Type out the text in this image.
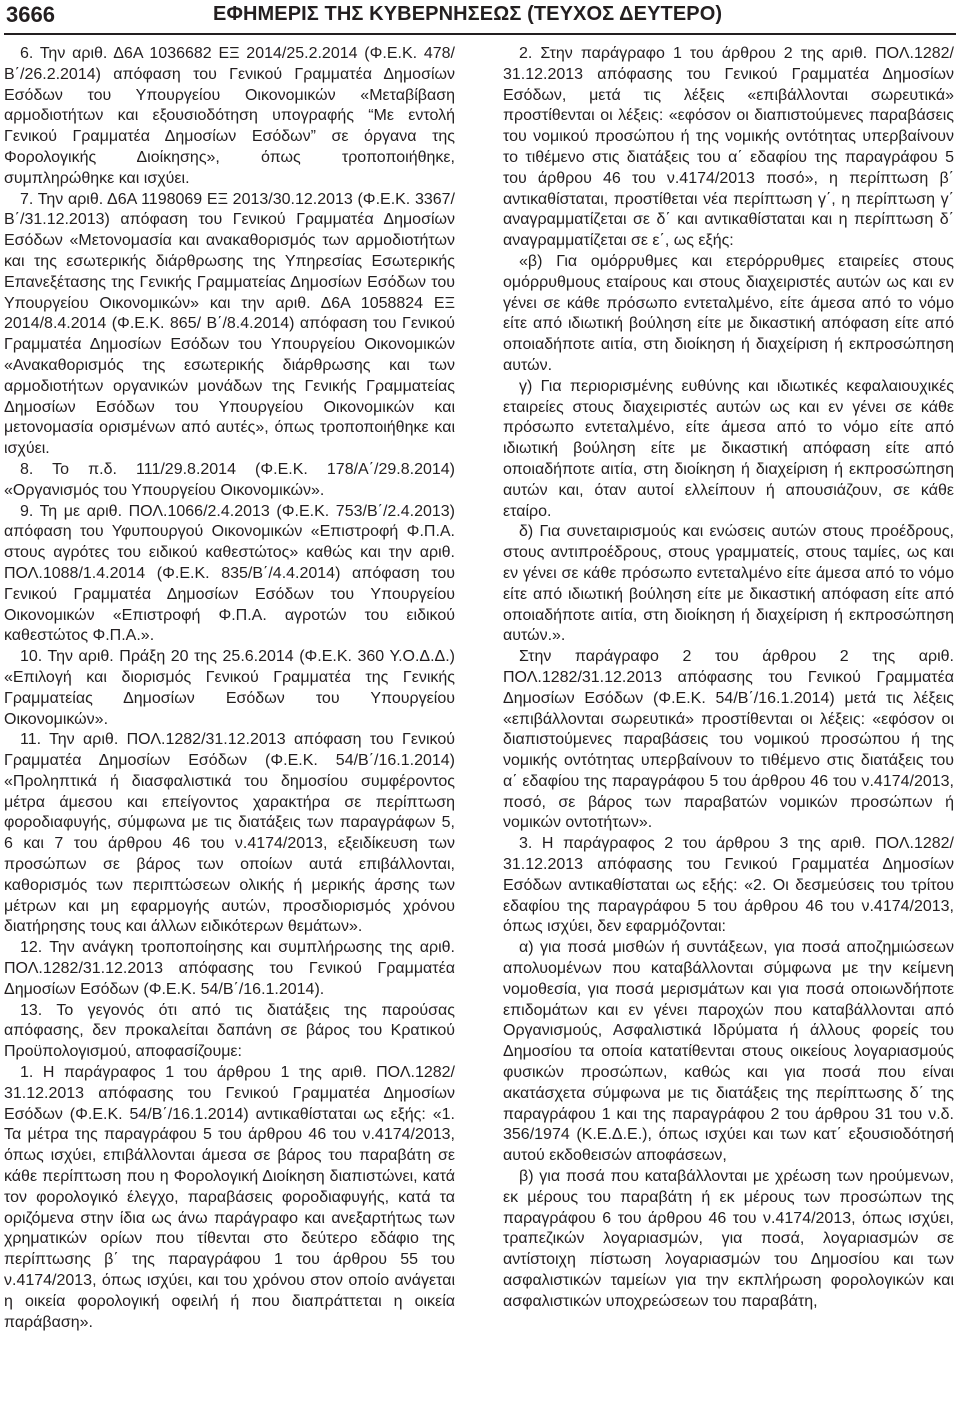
3666	ΕΦΗΜΕΡΙΣ ΤΗΣ ΚΥΒΕΡΝΗΣΕΩΣ (ΤΕΥΧΟΣ ΔΕΥΤΕΡΟ)

6. Την αριθ. Δ6Α 1036682 ΕΞ 2014/25.2.2014 (Φ.Ε.Κ. 478/ Β΄/26.2.2014) απόφαση του Γενικού Γραμματέα Δημοσίων Εσόδων του Υπουργείου Οικονομικών «Μεταβίβαση αρμοδιοτήτων και εξουσιοδότηση υπογραφής “Με εντολή Γενικού Γραμματέα Δημοσίων Εσόδων” σε όργανα της Φορολογικής Διοίκησης», όπως τροποποιήθηκε, συμπληρώθηκε και ισχύει.

7. Την αριθ. Δ6Α 1198069 ΕΞ 2013/30.12.2013 (Φ.Ε.Κ. 3367/ Β΄/31.12.2013) απόφαση του Γενικού Γραμματέα Δημοσίων Εσόδων «Μετονομασία και ανακαθορισμός των αρμοδιοτήτων και της εσωτερικής διάρθρωσης της Υπηρεσίας Εσωτερικής Επανεξέτασης της Γενικής Γραμματείας Δημοσίων Εσόδων του Υπουργείου Οικονομικών» και την αριθ. Δ6Α 1058824 ΕΞ 2014/8.4.2014 (Φ.Ε.Κ. 865/ Β΄/8.4.2014) απόφαση του Γενικού Γραμματέα Δημοσίων Εσόδων του Υπουργείου Οικονομικών «Ανακαθορισμός της εσωτερικής διάρθρωσης και των αρμοδιοτήτων οργανικών μονάδων της Γενικής Γραμματείας Δημοσίων Εσόδων του Υπουργείου Οικονομικών και μετονομασία ορισμένων από αυτές», όπως τροποποιήθηκε και ισχύει.

8. Το π.δ. 111/29.8.2014 (Φ.Ε.Κ. 178/Α΄/29.8.2014) «Οργανισμός του Υπουργείου Οικονομικών».

9. Τη με αριθ. ΠΟΛ.1066/2.4.2013 (Φ.Ε.Κ. 753/Β΄/2.4.2013) απόφαση του Υφυπουργού Οικονομικών «Επιστροφή Φ.Π.Α. στους αγρότες του ειδικού καθεστώτος» καθώς και την αριθ. ΠΟΛ.1088/1.4.2014 (Φ.Ε.Κ. 835/Β΄/4.4.2014) απόφαση του Γενικού Γραμματέα Δημοσίων Εσόδων του Υπουργείου Οικονομικών «Επιστροφή Φ.Π.Α. αγροτών του ειδικού καθεστώτος Φ.Π.Α.».

10. Την αριθ. Πράξη 20 της 25.6.2014 (Φ.Ε.Κ. 360 Υ.Ο.Δ.Δ.) «Επιλογή και διορισμός Γενικού Γραμματέα της Γενικής Γραμματείας Δημοσίων Εσόδων του Υπουργείου Οικονομικών».

11. Την αριθ. ΠΟΛ.1282/31.12.2013 απόφαση του Γενικού Γραμματέα Δημοσίων Εσόδων (Φ.Ε.Κ. 54/Β΄/16.1.2014) «Προληπτικά ή διασφαλιστικά του δημοσίου συμφέροντος μέτρα άμεσου και επείγοντος χαρακτήρα σε περίπτωση φοροδιαφυγής, σύμφωνα με τις διατάξεις των παραγράφων 5, 6 και 7 του άρθρου 46 του ν.4174/2013, εξειδίκευση των προσώπων σε βάρος των οποίων αυτά επιβάλλονται, καθορισμός των περιπτώσεων ολικής ή μερικής άρσης των μέτρων και μη εφαρμογής αυτών, προσδιορισμός χρόνου διατήρησης τους και άλλων ειδικότερων θεμάτων».

12. Την ανάγκη τροποποίησης και συμπλήρωσης της αριθ. ΠΟΛ.1282/31.12.2013 απόφασης του Γενικού Γραμματέα Δημοσίων Εσόδων (Φ.Ε.Κ. 54/Β΄/16.1.2014).

13. Το γεγονός ότι από τις διατάξεις της παρούσας απόφασης, δεν προκαλείται δαπάνη σε βάρος του Κρατικού Προϋπολογισμού, αποφασίζουμε:

1. Η παράγραφος 1 του άρθρου 1 της αριθ. ΠΟΛ.1282/ 31.12.2013 απόφασης του Γενικού Γραμματέα Δημοσίων Εσόδων (Φ.Ε.Κ. 54/Β΄/16.1.2014) αντικαθίσταται ως εξής: «1. Τα μέτρα της παραγράφου 5 του άρθρου 46 του ν.4174/2013, όπως ισχύει, επιβάλλονται άμεσα σε βάρος του παραβάτη σε κάθε περίπτωση που η Φορολογική Διοίκηση διαπιστώνει, κατά τον φορολογικό έλεγχο, παραβάσεις φοροδιαφυγής, κατά τα οριζόμενα στην ίδια ως άνω παράγραφο και ανεξαρτήτως των χρηματικών ορίων που τίθενται στο δεύτερο εδάφιο της περίπτωσης β΄ της παραγράφου 1 του άρθρου 55 του ν.4174/2013, όπως ισχύει, και του χρόνου στον οποίο ανάγεται η οικεία φορολογική οφειλή ή που διαπράττεται η οικεία παράβαση».

2. Στην παράγραφο 1 του άρθρου 2 της αριθ. ΠΟΛ.1282/ 31.12.2013 απόφασης του Γενικού Γραμματέα Δημοσίων Εσόδων, μετά τις λέξεις «επιβάλλονται σωρευτικά» προστίθενται οι λέξεις: «εφόσον οι διαπιστούμενες παραβάσεις του νομικού προσώπου ή της νομικής οντότητας υπερβαίνουν το τιθέμενο στις διατάξεις του α΄ εδαφίου της παραγράφου 5 του άρθρου 46 του ν.4174/2013 ποσό», η περίπτωση β΄ αντικαθίσταται, προστίθεται νέα περίπτωση γ΄, η περίπτωση γ΄ αναγραμματίζεται σε δ΄ και αντικαθίσταται και η περίπτωση δ΄ αναγραμματίζεται σε ε΄, ως εξής:

«β) Για ομόρρυθμες και ετερόρρυθμες εταιρείες στους ομόρρυθμους εταίρους και στους διαχειριστές αυτών ως και εν γένει σε κάθε πρόσωπο εντεταλμένο, είτε άμεσα από το νόμο είτε από ιδιωτική βούληση είτε με δικαστική απόφαση είτε από οποιαδήποτε αιτία, στη διοίκηση ή διαχείριση ή εκπροσώπηση αυτών.

γ) Για περιορισμένης ευθύνης και ιδιωτικές κεφαλαιουχικές εταιρείες στους διαχειριστές αυτών ως και εν γένει σε κάθε πρόσωπο εντεταλμένο, είτε άμεσα από το νόμο είτε από ιδιωτική βούληση είτε με δικαστική απόφαση είτε από οποιαδήποτε αιτία, στη διοίκηση ή διαχείριση ή εκπροσώπηση αυτών και, όταν αυτοί ελλείπουν ή απουσιάζουν, σε κάθε εταίρο.

δ) Για συνεταιρισμούς και ενώσεις αυτών στους προέδρους, στους αντιπροέδρους, στους γραμματείς, στους ταμίες, ως και εν γένει σε κάθε πρόσωπο εντεταλμένο είτε άμεσα από το νόμο είτε από ιδιωτική βούληση είτε με δικαστική απόφαση είτε από οποιαδήποτε αιτία, στη διοίκηση ή διαχείριση ή εκπροσώπηση αυτών.».

Στην παράγραφο 2 του άρθρου 2 της αριθ. ΠΟΛ.1282/31.12.2013 απόφασης του Γενικού Γραμματέα Δημοσίων Εσόδων (Φ.Ε.Κ. 54/Β΄/16.1.2014) μετά τις λέξεις «επιβάλλονται σωρευτικά» προστίθενται οι λέξεις: «εφόσον οι διαπιστούμενες παραβάσεις του νομικού προσώπου ή της νομικής οντότητας υπερβαίνουν το τιθέμενο στις διατάξεις του α΄ εδαφίου της παραγράφου 5 του άρθρου 46 του ν.4174/2013, ποσό, σε βάρος των παραβατών νομικών προσώπων ή νομικών οντοτήτων».

3. Η παράγραφος 2 του άρθρου 3 της αριθ. ΠΟΛ.1282/ 31.12.2013 απόφασης του Γενικού Γραμματέα Δημοσίων Εσόδων αντικαθίσταται ως εξής: «2. Οι δεσμεύσεις του τρίτου εδαφίου της παραγράφου 5 του άρθρου 46 του ν.4174/2013, όπως ισχύει, δεν εφαρμόζονται:

α) για ποσά μισθών ή συντάξεων, για ποσά αποζημιώσεων απολυομένων που καταβάλλονται σύμφωνα με την κείμενη νομοθεσία, για ποσά μερισμάτων και για ποσά οποιωνδήποτε επιδομάτων και εν γένει παροχών που καταβάλλονται από Οργανισμούς, Ασφαλιστικά Ιδρύματα ή άλλους φορείς του Δημοσίου τα οποία κατατίθενται στους οικείους λογαριασμούς φυσικών προσώπων, καθώς και για ποσά που είναι ακατάσχετα σύμφωνα με τις διατάξεις της περίπτωσης δ΄ της παραγράφου 1 και της παραγράφου 2 του άρθρου 31 του ν.δ. 356/1974 (Κ.Ε.Δ.Ε.), όπως ισχύει και των κατ΄ εξουσιοδότησή αυτού εκδοθεισών αποφάσεων,

β) για ποσά που καταβάλλονται με χρέωση των ηρούμενων, εκ μέρους του παραβάτη ή εκ μέρους των προσώπων της παραγράφου 6 του άρθρου 46 του ν.4174/2013, όπως ισχύει, τραπεζικών λογαριασμών, για ποσά, λογαριασμών σε αντίστοιχη πίστωση λογαριασμών του Δημοσίου και των ασφαλιστικών ταμείων για την εκπλήρωση φορολογικών και ασφαλιστικών υποχρεώσεων του παραβάτη,
